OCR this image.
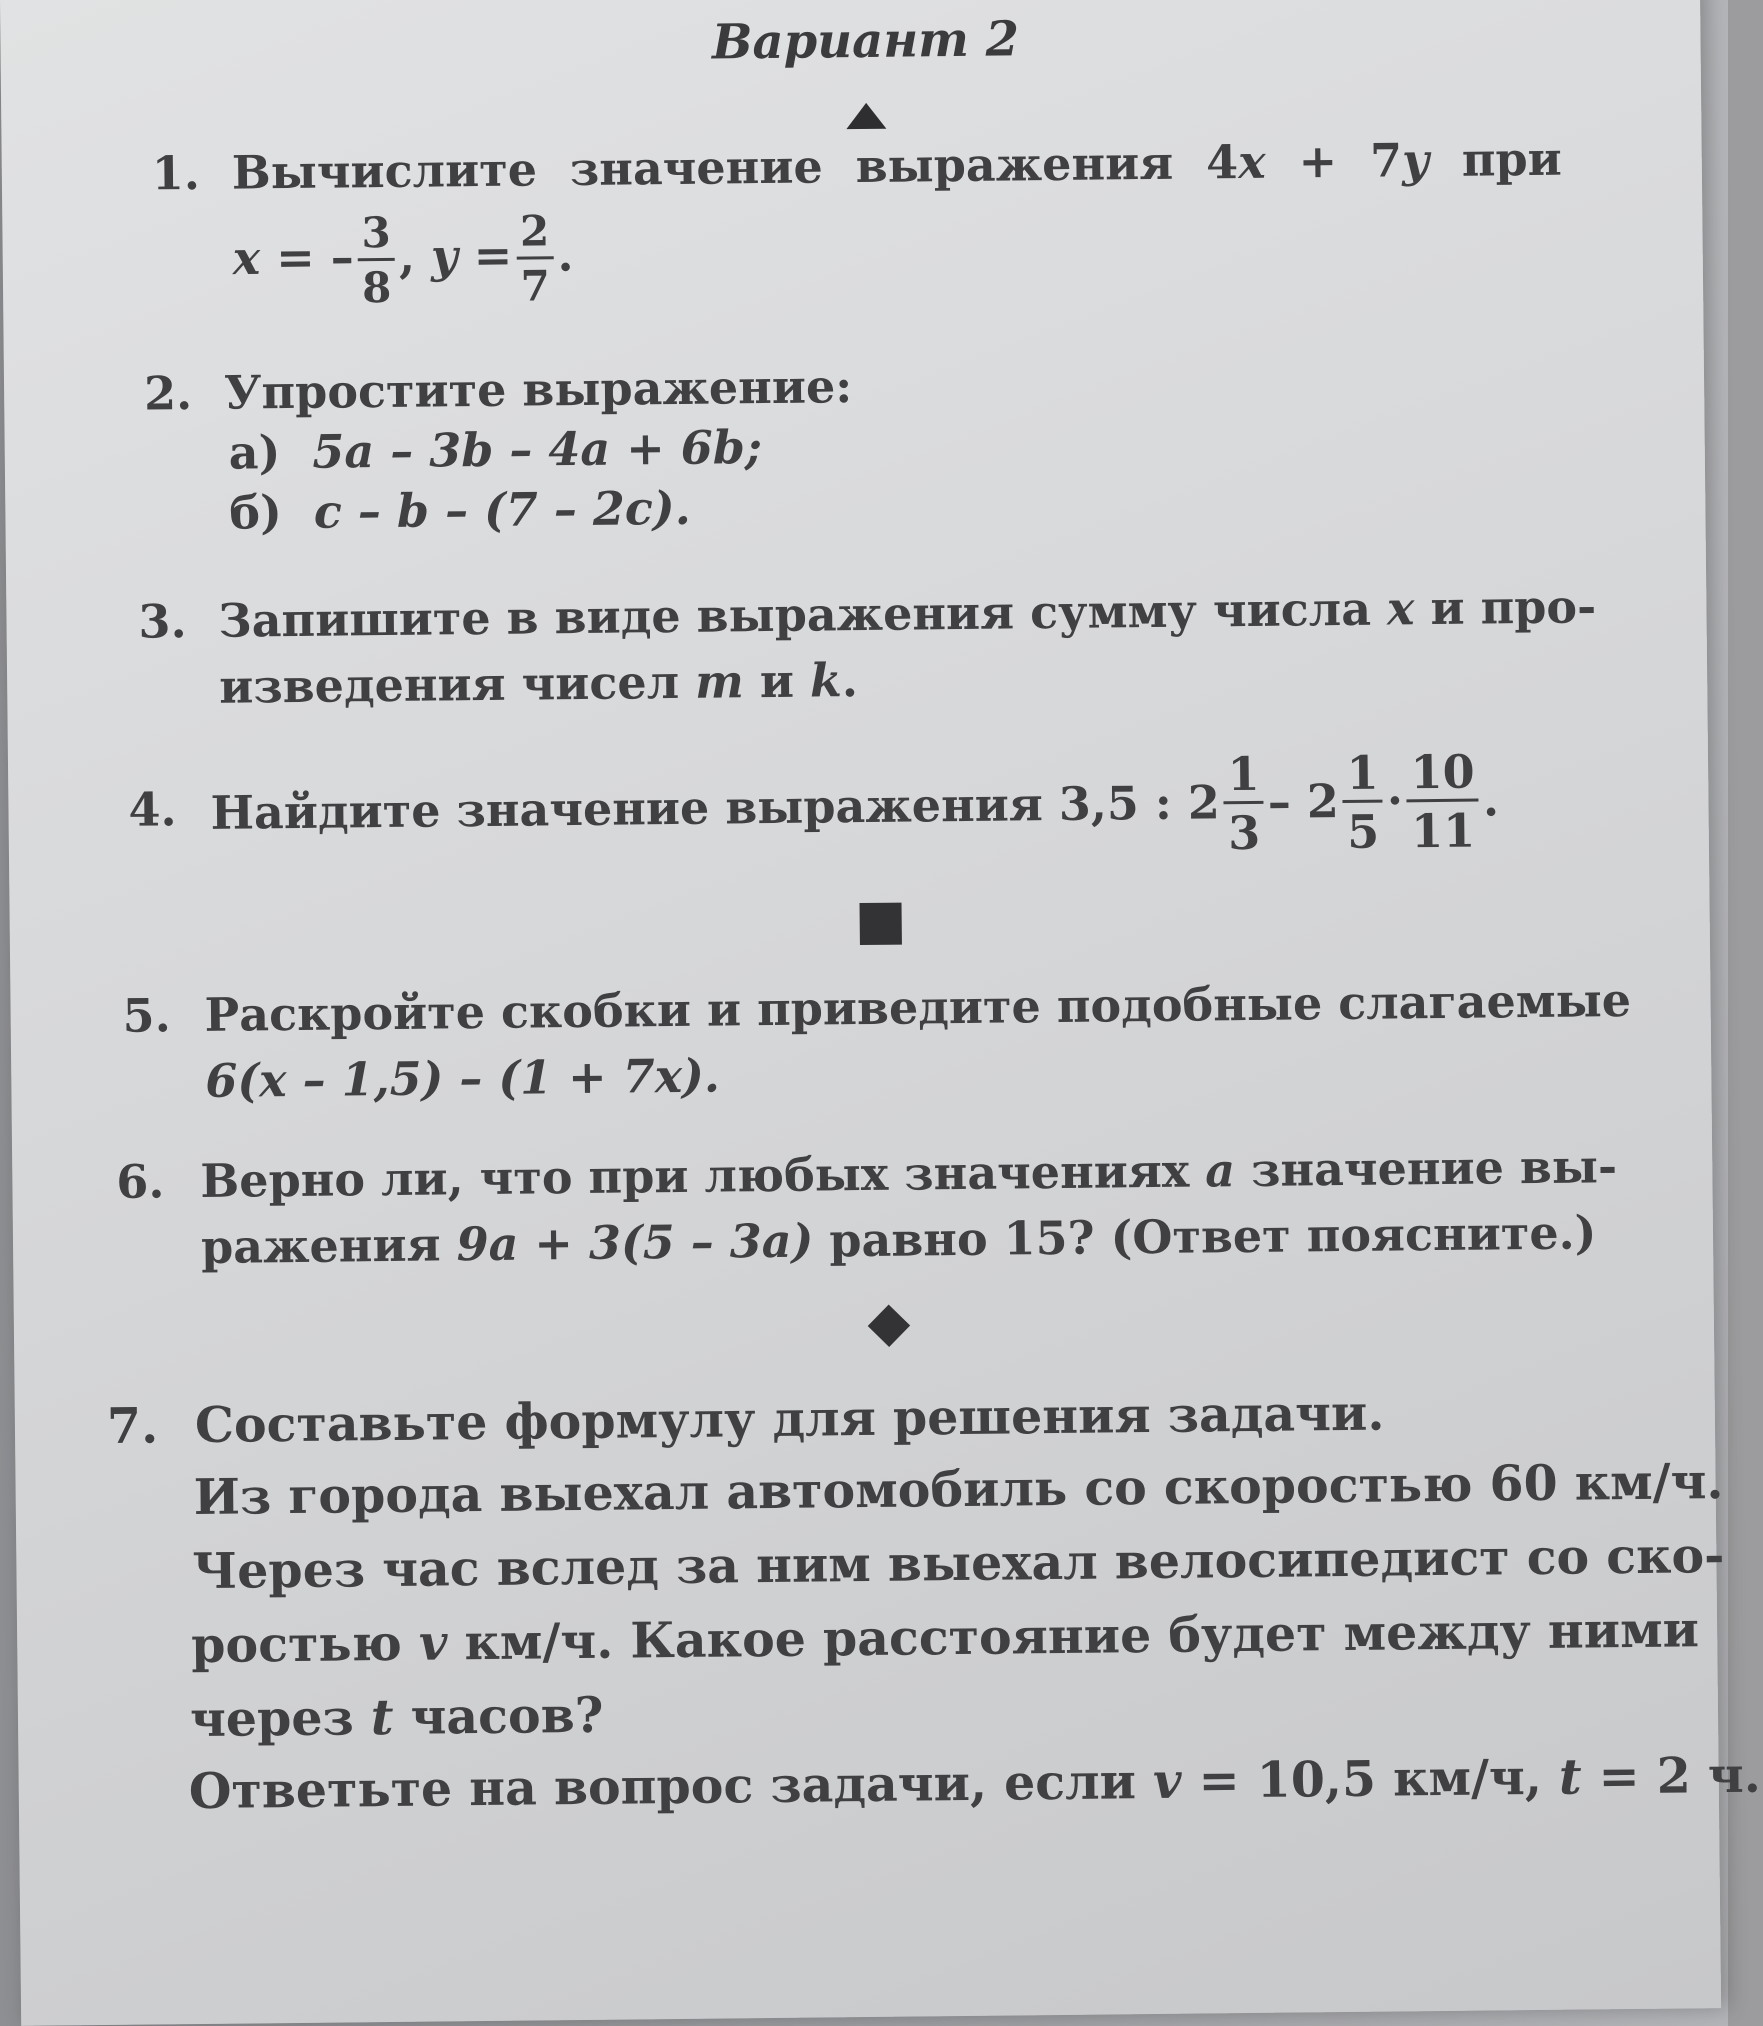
Вариант 2
1. Вычислите значение выражения 4x + 7y при
x = – $\frac{3}{8}$ , $y = \frac{2}{7}$ .
2. Упростите выражение:
а) 5a – 3b – 4a + 6b;
б) c – b – (7 – 2c).
3. Запишите в виде выражения сумму числа x и про-
изведения чисел m и k.
4. Найдите значение выражения
3,5 : $2 \frac{1}{3} - 2 \frac{1}{5} \cdot \frac{10}{11}$ .
5. Раскройте скобки и приведите подобные слагаемые
6(x – 1,5) – (1 + 7x).
6. Верно ли, что при любых значениях a значение вы-
ражения 9a + 3(5 – 3a) равно 15? (Ответ поясните.)
7. Составьте формулу для решения задачи.
Из города выехал автомобиль со скоростью 60 км/ч.
Через час вслед за ним выехал велосипедист со ско-
ростью v км/ч. Какое расстояние будет между ними
через t часов?
Ответьте на вопрос задачи, если v = 10,5 км/ч, t = 2 ч.
